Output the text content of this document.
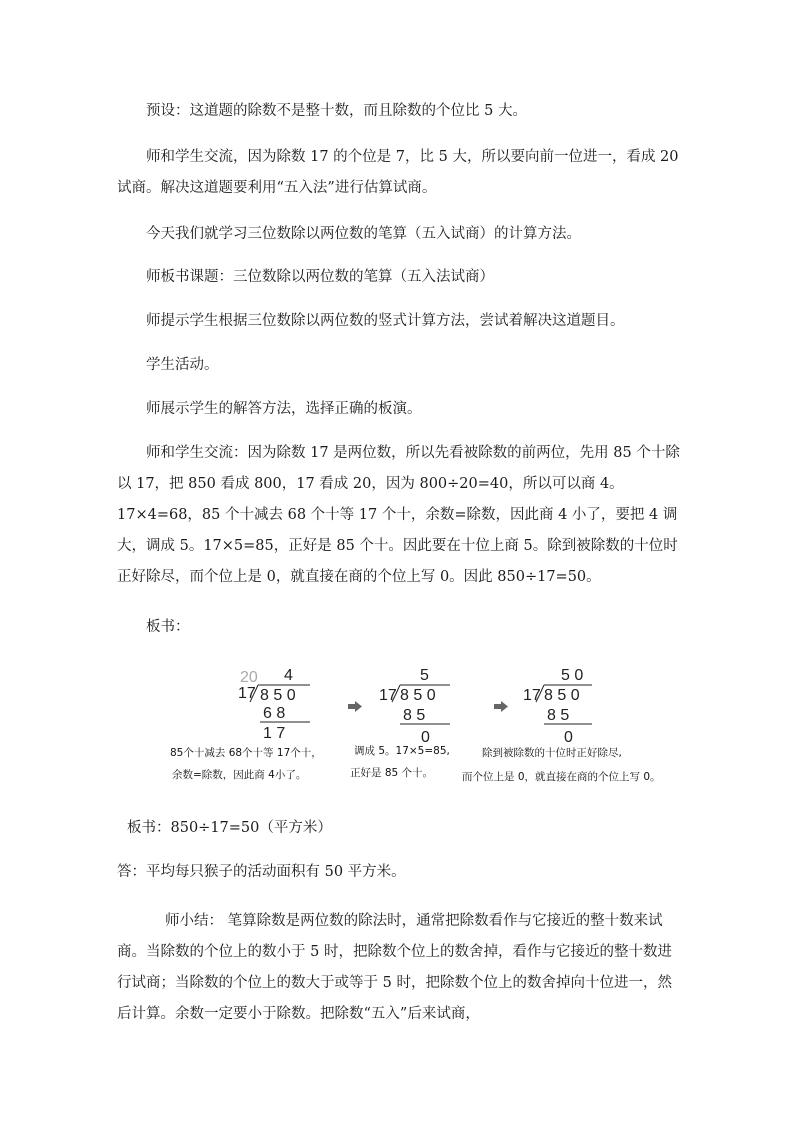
预设：这道题的除数不是整十数，而且除数的个位比 5 大。

师和学生交流，因为除数 17 的个位是 7，比 5 大，所以要向前一位进一，看成 20 试商。解决这道题要利用“五入法”进行估算试商。

今天我们就学习三位数除以两位数的笔算（五入试商）的计算方法。

师板书课题：三位数除以两位数的笔算（五入法试商）

师提示学生根据三位数除以两位数的竖式计算方法，尝试着解决这道题目。

学生活动。

师展示学生的解答方法，选择正确的板演。

师和学生交流：因为除数 17 是两位数，所以先看被除数的前两位，先用 85 个十除以 17，把 850 看成 800，17 看成 20，因为 800÷20=40，所以可以商 4。17×4=68，85 个十减去 68 个十等 17 个十，余数=除数，因此商 4 小了，要把 4 调大，调成 5。17×5=85，正好是 85 个十。因此要在十位上商 5。除到被除数的十位时正好除尽，而个位上是 0，就直接在商的个位上写 0。因此 850÷17=50。

板书：

20 4
17 8 5 0
6 8
1 7
85个十减去 68个十等 17个十，
余数=除数，因此商 4小了。
5
17 8 5 0
8 5
0
调成 5。17×5=85,
正好是 85 个十。
5 0
17 8 5 0
8 5
0
除到被除数的十位时正好除尽,
而个位上是 0，就直接在商的个位上写 0。

板书：850÷17=50（平方米）

答：平均每只猴子的活动面积有 50 平方米。

师小结： 笔算除数是两位数的除法时，通常把除数看作与它接近的整十数来试商。当除数的个位上的数小于 5 时，把除数个位上的数舍掉，看作与它接近的整十数进行试商；当除数的个位上的数大于或等于 5 时，把除数个位上的数舍掉向十位进一，然后计算。余数一定要小于除数。把除数“五入”后来试商，
